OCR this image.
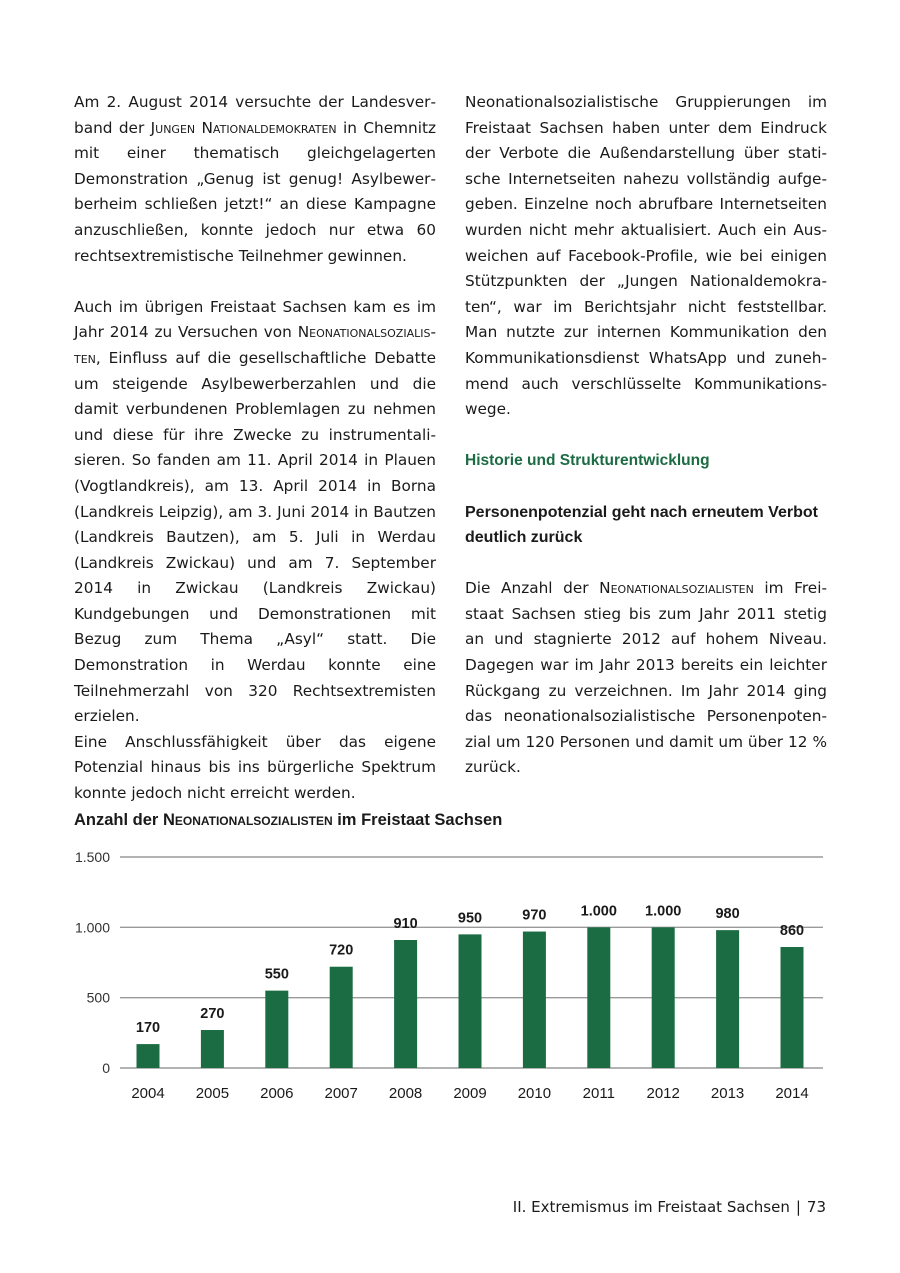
Am 2. August 2014 versuchte der Landesverband der Jungen Nationaldemokraten in Chemnitz mit einer thematisch gleichgelagerten Demonstration „Genug ist genug! Asylbewerberheim schließen jetzt!“ an diese Kampagne anzuschließen, konnte jedoch nur etwa 60 rechtsextremistische Teilnehmer gewinnen.

Auch im übrigen Freistaat Sachsen kam es im Jahr 2014 zu Versuchen von Neonationalsozialisten, Einfluss auf die gesellschaftliche Debatte um steigende Asylbewerberzahlen und die damit verbundenen Problemlagen zu nehmen und diese für ihre Zwecke zu instrumentalisieren. So fanden am 11. April 2014 in Plauen (Vogtlandkreis), am 13. April 2014 in Borna (Landkreis Leipzig), am 3. Juni 2014 in Bautzen (Landkreis Bautzen), am 5. Juli in Werdau (Landkreis Zwickau) und am 7. September 2014 in Zwickau (Landkreis Zwickau) Kundgebungen und Demonstrationen mit Bezug zum Thema „Asyl“ statt. Die Demonstration in Werdau konnte eine Teilnehmerzahl von 320 Rechtsextremisten erzielen.

Eine Anschlussfähigkeit über das eigene Potenzial hinaus bis ins bürgerliche Spektrum konnte jedoch nicht erreicht werden.

Neonationalsozialistische Gruppierungen im Freistaat Sachsen haben unter dem Eindruck der Verbote die Außendarstellung über statische Internetseiten nahezu vollständig aufgegeben. Einzelne noch abrufbare Internetseiten wurden nicht mehr aktualisiert. Auch ein Ausweichen auf Facebook-Profile, wie bei einigen Stützpunkten der „Jungen Nationaldemokraten“, war im Berichtsjahr nicht feststellbar. Man nutzte zur internen Kommunikation den Kommunikationsdienst WhatsApp und zunehmend auch verschlüsselte Kommunikationswege.

Historie und Strukturentwicklung
Personenpotenzial geht nach erneutem Verbot deutlich zurück

Die Anzahl der Neonationalsozialisten im Freistaat Sachsen stieg bis zum Jahr 2011 stetig an und stagnierte 2012 auf hohem Niveau. Dagegen war im Jahr 2013 bereits ein leichter Rückgang zu verzeichnen. Im Jahr 2014 ging das neonationalsozialistische Personenpotenzial um 120 Personen und damit um über 12 % zurück.

Anzahl der Neonationalsozialisten im Freistaat Sachsen
0
500
1.000
1.500
170
2004
270
2005
550
2006
720
2007
910
2008
950
2009
970
2010
1.000
2011
1.000
2012
980
2013
860
2014
II. Extremismus im Freistaat Sachsen | 73
